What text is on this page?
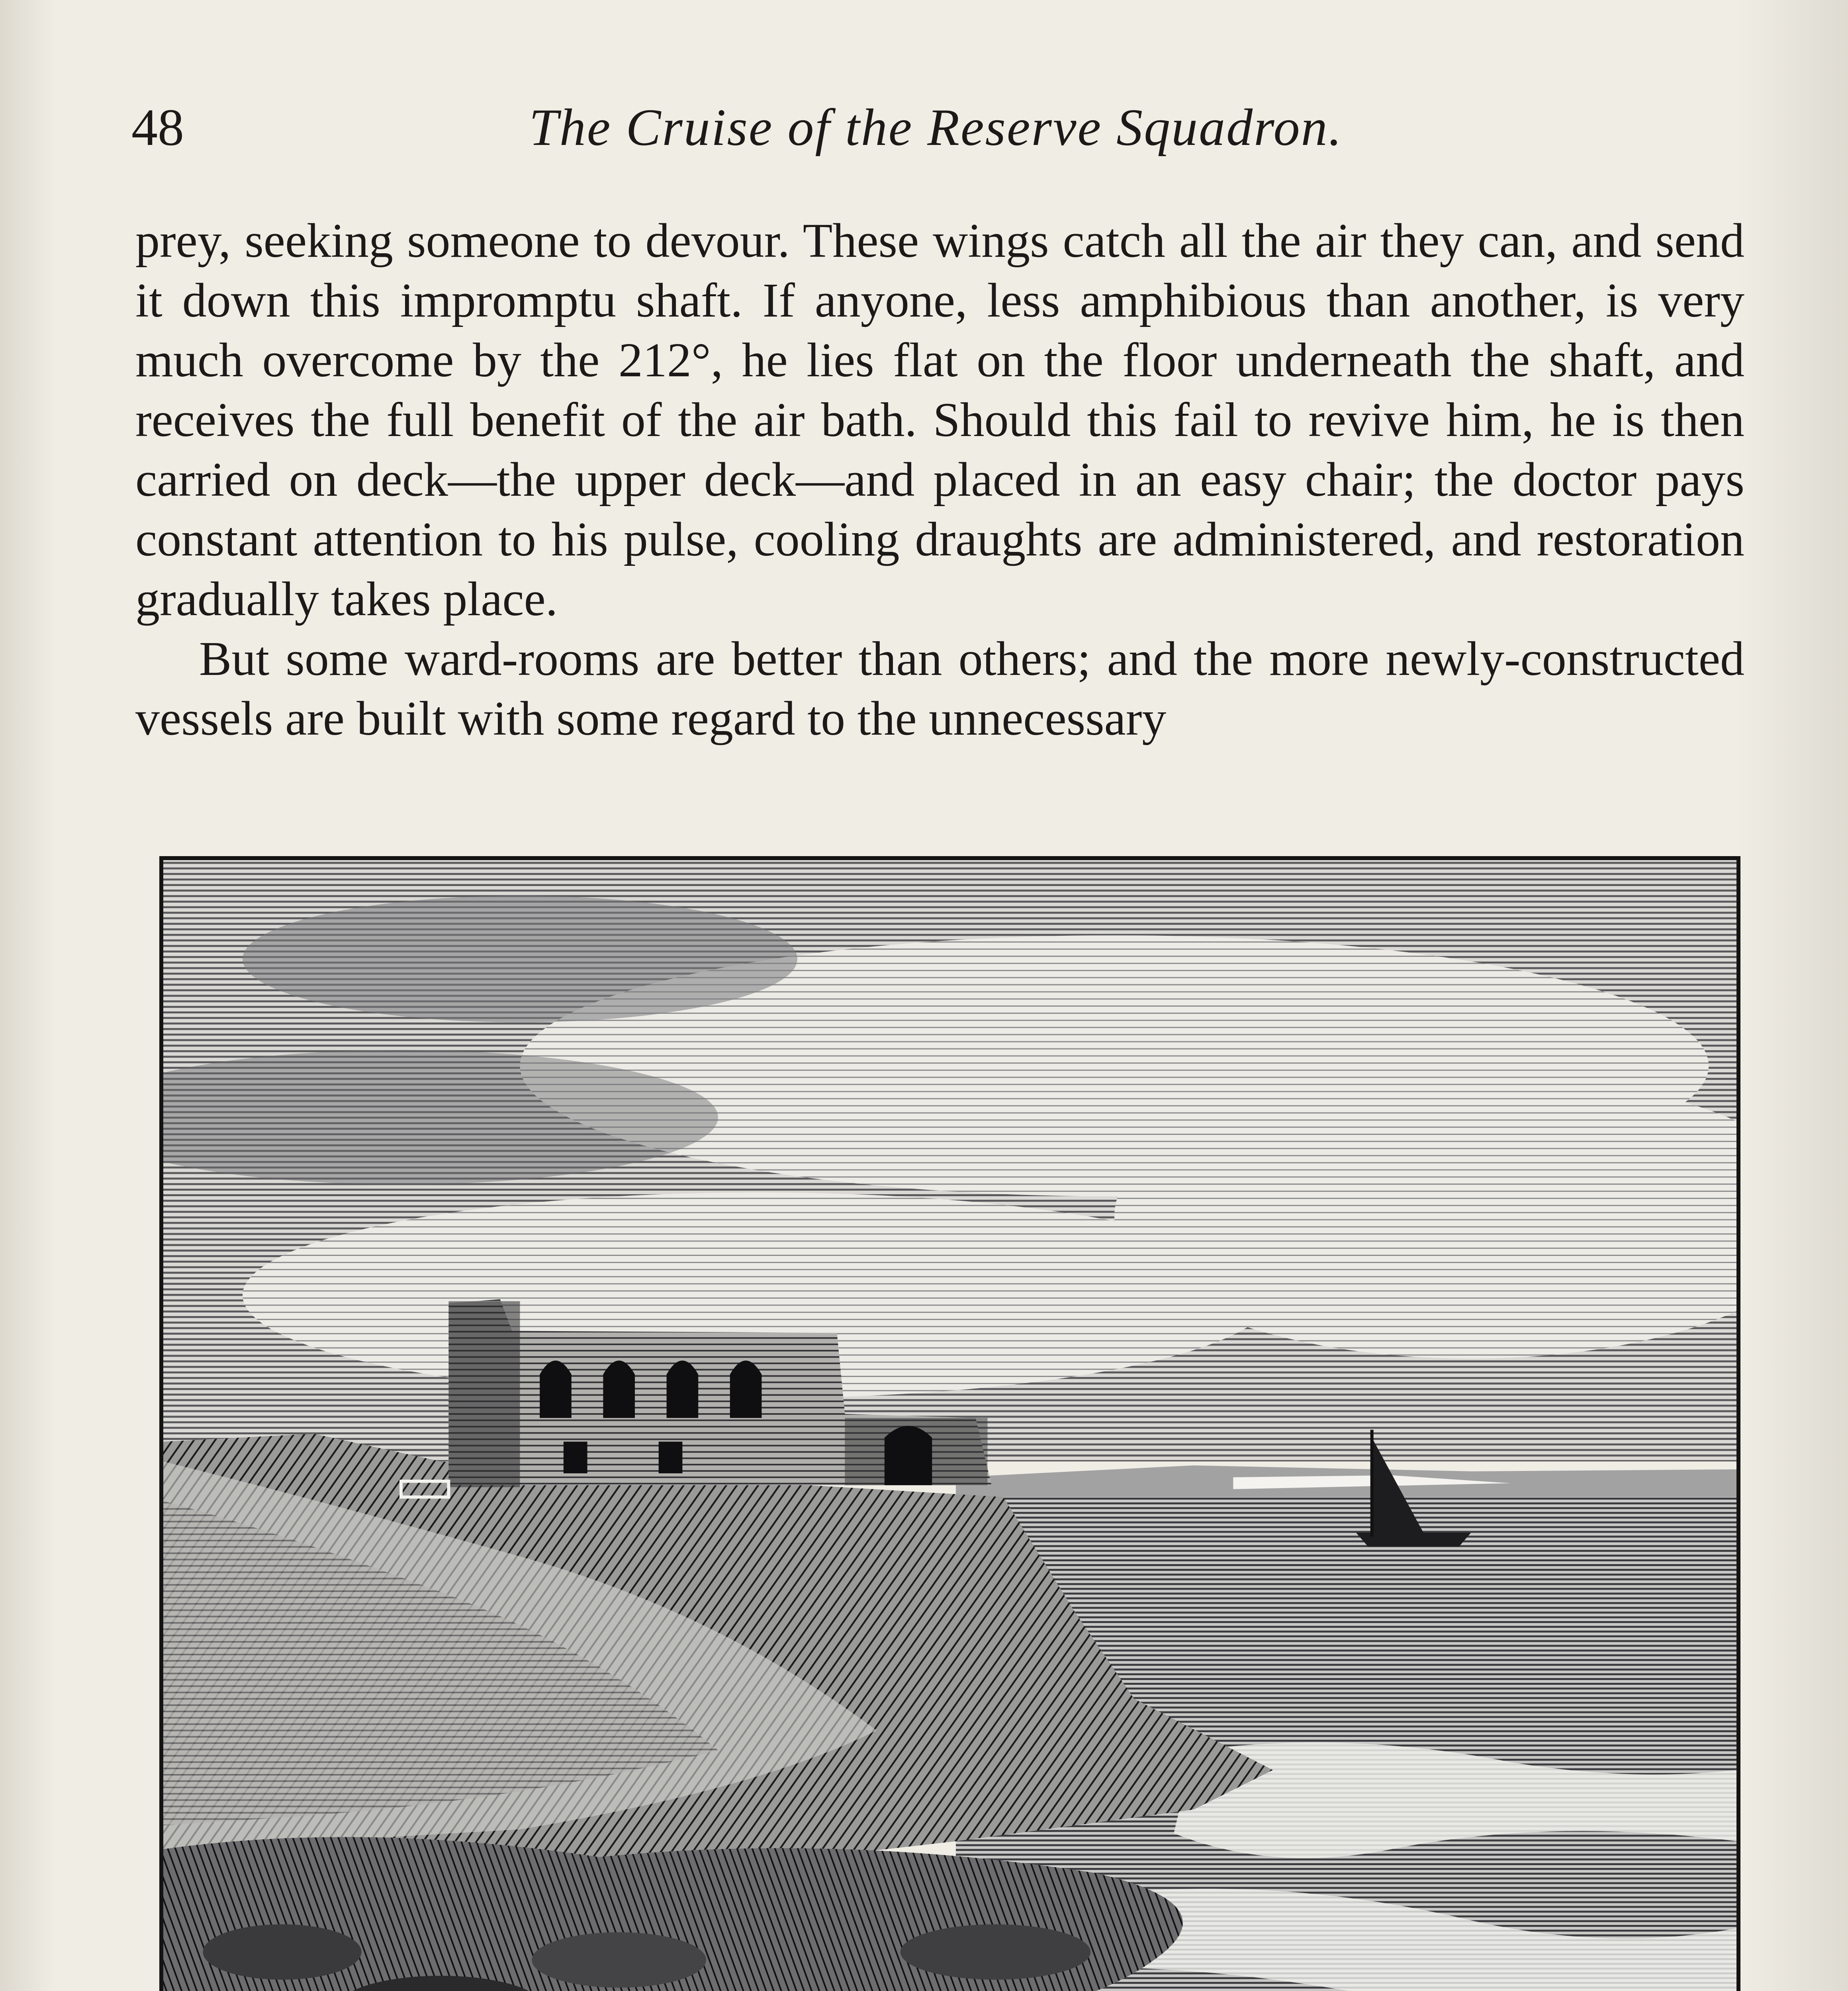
48	The Cruise of the Reserve Squadron.

prey, seeking someone to devour. These wings catch all the air they can, and send it down this impromptu shaft. If anyone, less amphibious than another, is very much overcome by the 212°, he lies flat on the floor underneath the shaft, and receives the full benefit of the air bath. Should this fail to revive him, he is then carried on deck—the upper deck—and placed in an easy chair; the doctor pays constant attention to his pulse, cooling draughts are administered, and restoration gradually takes place.

But some ward-rooms are better than others; and the more newly-constructed vessels are built with some regard to the unnecessary
